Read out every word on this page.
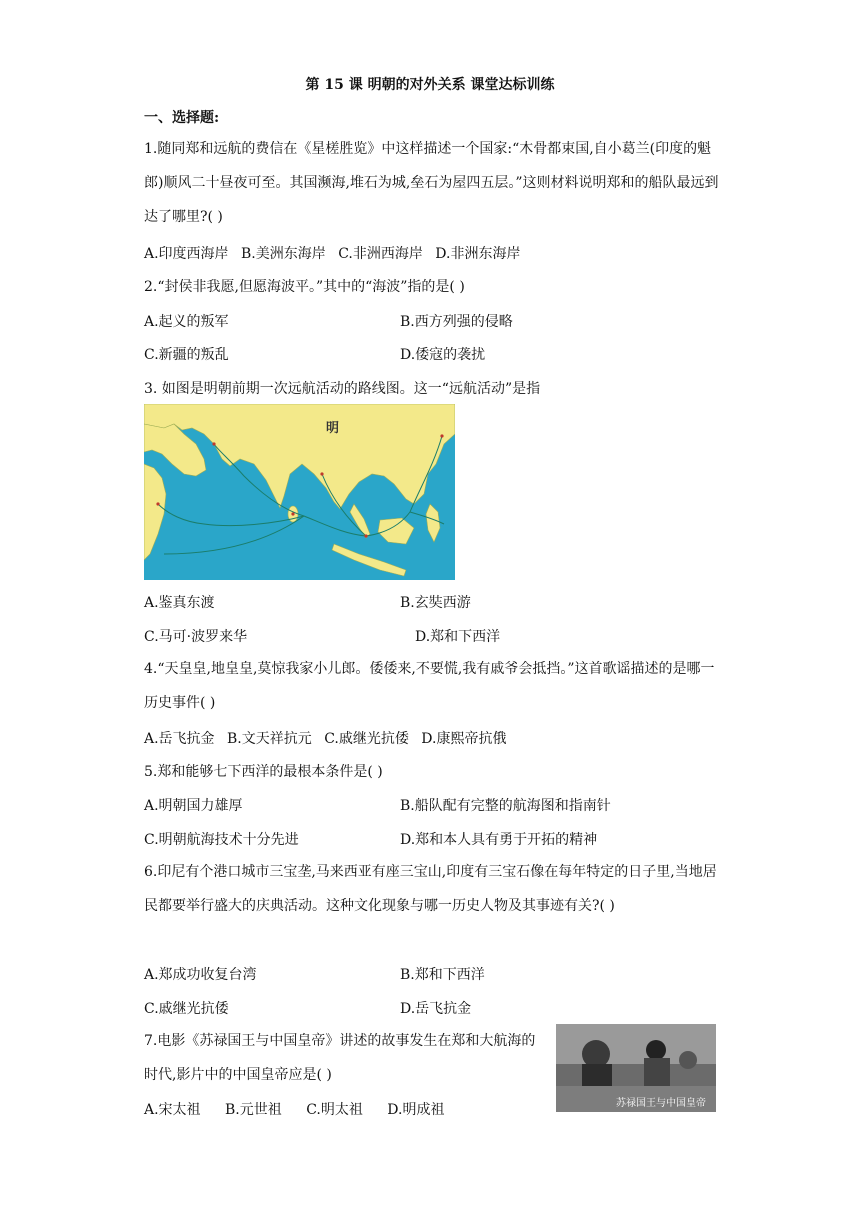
第 15 课 明朝的对外关系 课堂达标训练
一、选择题:
1.随同郑和远航的费信在《星槎胜览》中这样描述一个国家:“木骨都束国,自小葛兰(印度的魁郎)顺风二十昼夜可至。其国濒海,堆石为城,垒石为屋四五层。”这则材料说明郑和的船队最远到达了哪里?( )
A.印度西海岸 B.美洲东海岸 C.非洲西海岸 D.非洲东海岸
2.“封侯非我愿,但愿海波平。”其中的“海波”指的是( )
A.起义的叛军	B.西方列强的侵略
C.新疆的叛乱	D.倭寇的袭扰
3. 如图是明朝前期一次远航活动的路线图。这一“远航活动”是指
明
A.鉴真东渡	B.玄奘西游
C.马可·波罗来华	D.郑和下西洋
4.“天皇皇,地皇皇,莫惊我家小儿郎。倭倭来,不要慌,我有戚爷会抵挡。”这首歌谣描述的是哪一历史事件( )
A.岳飞抗金 B.文天祥抗元 C.戚继光抗倭 D.康熙帝抗俄
5.郑和能够七下西洋的最根本条件是( )
A.明朝国力雄厚	B.船队配有完整的航海图和指南针
C.明朝航海技术十分先进	D.郑和本人具有勇于开拓的精神
6.印尼有个港口城市三宝垄,马来西亚有座三宝山,印度有三宝石像在每年特定的日子里,当地居民都要举行盛大的庆典活动。这种文化现象与哪一历史人物及其事迹有关?( )
A.郑成功收复台湾	B.郑和下西洋
C.戚继光抗倭	D.岳飞抗金
7.电影《苏禄国王与中国皇帝》讲述的故事发生在郑和大航海的时代,影片中的中国皇帝应是( )
A.宋太祖 B.元世祖 C.明太祖 D.明成祖	苏禄国王与中国皇帝
